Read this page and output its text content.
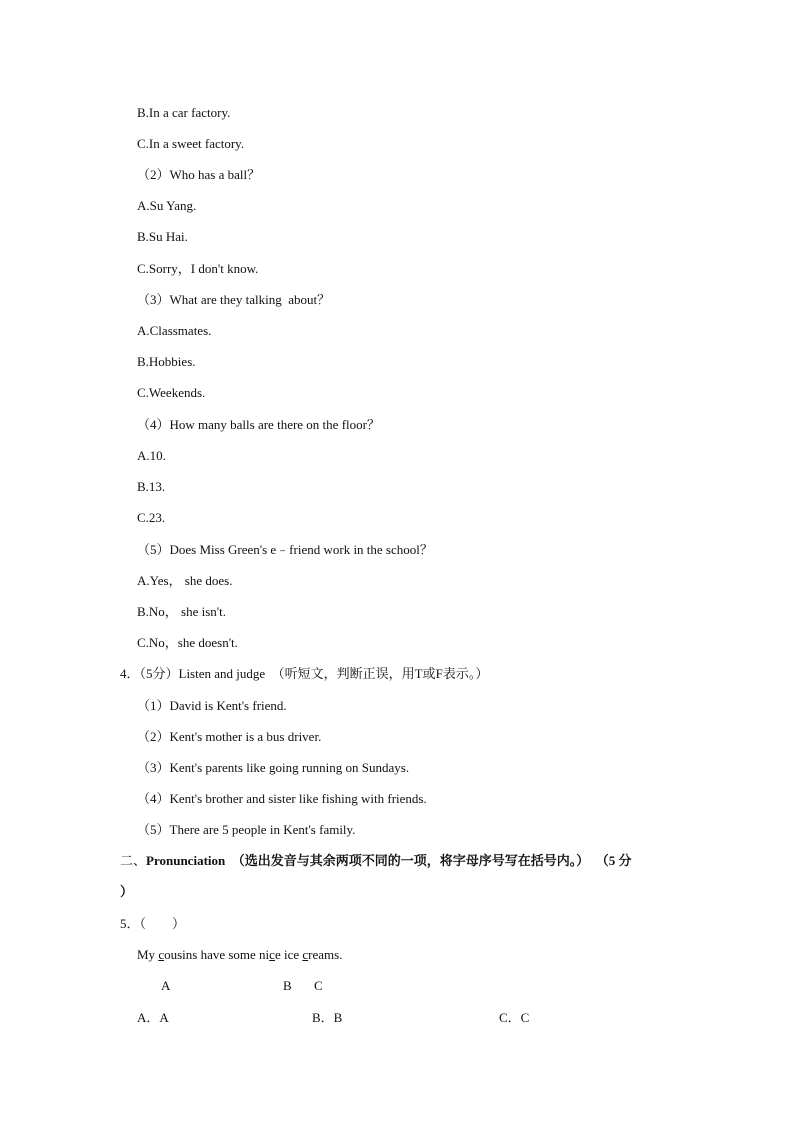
B.In a car factory.
C.In a sweet factory.
（2）Who has a ball？
A.Su Yang.
B.Su Hai.
C.Sorry，I don't know.
（3）What are they talking  about？
A.Classmates.
B.Hobbies.
C.Weekends.
（4）How many balls are there on the floor？
A.10.
B.13.
C.23.
（5）Does Miss Green's e﹣friend work in the school？
A.Yes， she does.
B.No， she isn't.
C.No，she doesn't.
4．（5分）Listen and judge  （听短文，判断正误，用T或F表示。）
（1）David is Kent's friend.
（2）Kent's mother is a bus driver.
（3）Kent's parents like going running on Sundays.
（4）Kent's brother and sister like fishing with friends.
（5）There are 5 people in Kent's family.
二、Pronunciation （选出发音与其余两项不同的一项，将字母序号写在括号内。） （5 分
）
5．（        ）
My cousins have some nice ice creams.
A	B C
A．A	B．B	C．C
